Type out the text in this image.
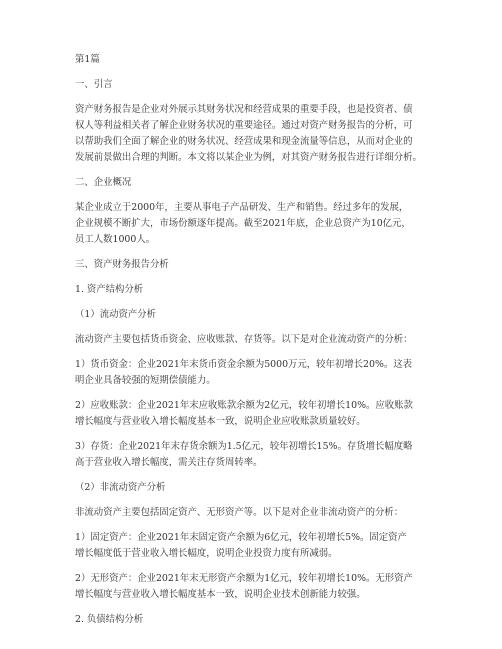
第1篇

一、引言

资产财务报告是企业对外展示其财务状况和经营成果的重要手段，也是投资者、债

权人等利益相关者了解企业财务状况的重要途径。通过对资产财务报告的分析，可

以帮助我们全面了解企业的财务状况、经营成果和现金流量等信息，从而对企业的

发展前景做出合理的判断。本文将以某企业为例，对其资产财务报告进行详细分析。

二、企业概况

某企业成立于2000年，主要从事电子产品研发、生产和销售。经过多年的发展，

企业规模不断扩大，市场份额逐年提高。截至2021年底，企业总资产为10亿元，

员工人数1000人。

三、资产财务报告分析

1. 资产结构分析

（1）流动资产分析

流动资产主要包括货币资金、应收账款、存货等。以下是对企业流动资产的分析：

1）货币资金：企业2021年末货币资金余额为5000万元，较年初增长20%。这表

明企业具备较强的短期偿债能力。

2）应收账款：企业2021年末应收账款余额为2亿元，较年初增长10%。应收账款

增长幅度与营业收入增长幅度基本一致，说明企业应收账款质量较好。

3）存货：企业2021年末存货余额为1.5亿元，较年初增长15%。存货增长幅度略

高于营业收入增长幅度，需关注存货周转率。

（2）非流动资产分析

非流动资产主要包括固定资产、无形资产等。以下是对企业非流动资产的分析：

1）固定资产：企业2021年末固定资产余额为6亿元，较年初增长5%。固定资产

增长幅度低于营业收入增长幅度，说明企业投资力度有所减弱。

2）无形资产：企业2021年末无形资产余额为1亿元，较年初增长10%。无形资产

增长幅度与营业收入增长幅度基本一致，说明企业技术创新能力较强。

2. 负债结构分析
